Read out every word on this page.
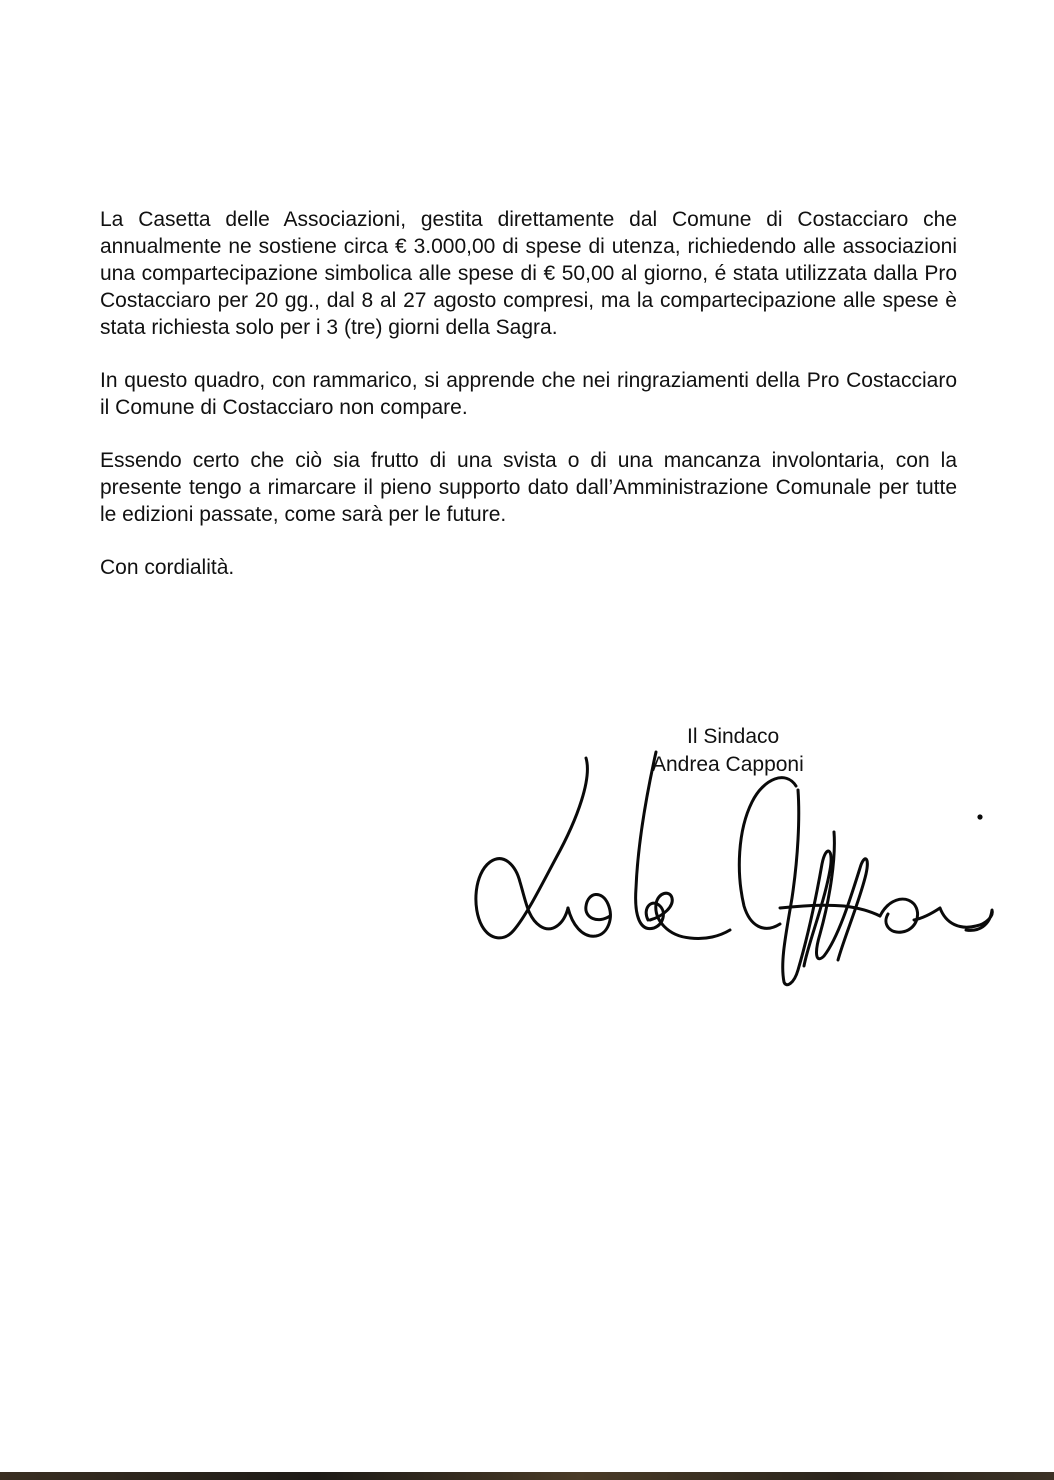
La Casetta delle Associazioni, gestita direttamente dal Comune di Costacciaro che annualmente ne sostiene circa € 3.000,00 di spese di utenza, richiedendo alle associazioni una compartecipazione simbolica alle spese di € 50,00 al giorno, é stata utilizzata dalla Pro Costacciaro per 20 gg., dal 8 al 27 agosto compresi, ma la compartecipazione alle spese è stata richiesta solo per i 3 (tre) giorni della Sagra.

In questo quadro, con rammarico, si apprende che nei ringraziamenti della Pro Costacciaro il Comune di Costacciaro non compare.

Essendo certo che ciò sia frutto di una svista o di una mancanza involontaria, con la presente tengo a rimarcare il pieno supporto dato dall’Amministrazione Comunale per tutte le edizioni passate, come sarà per le future.

Con cordialità.

Il Sindaco
Andrea Capponi
